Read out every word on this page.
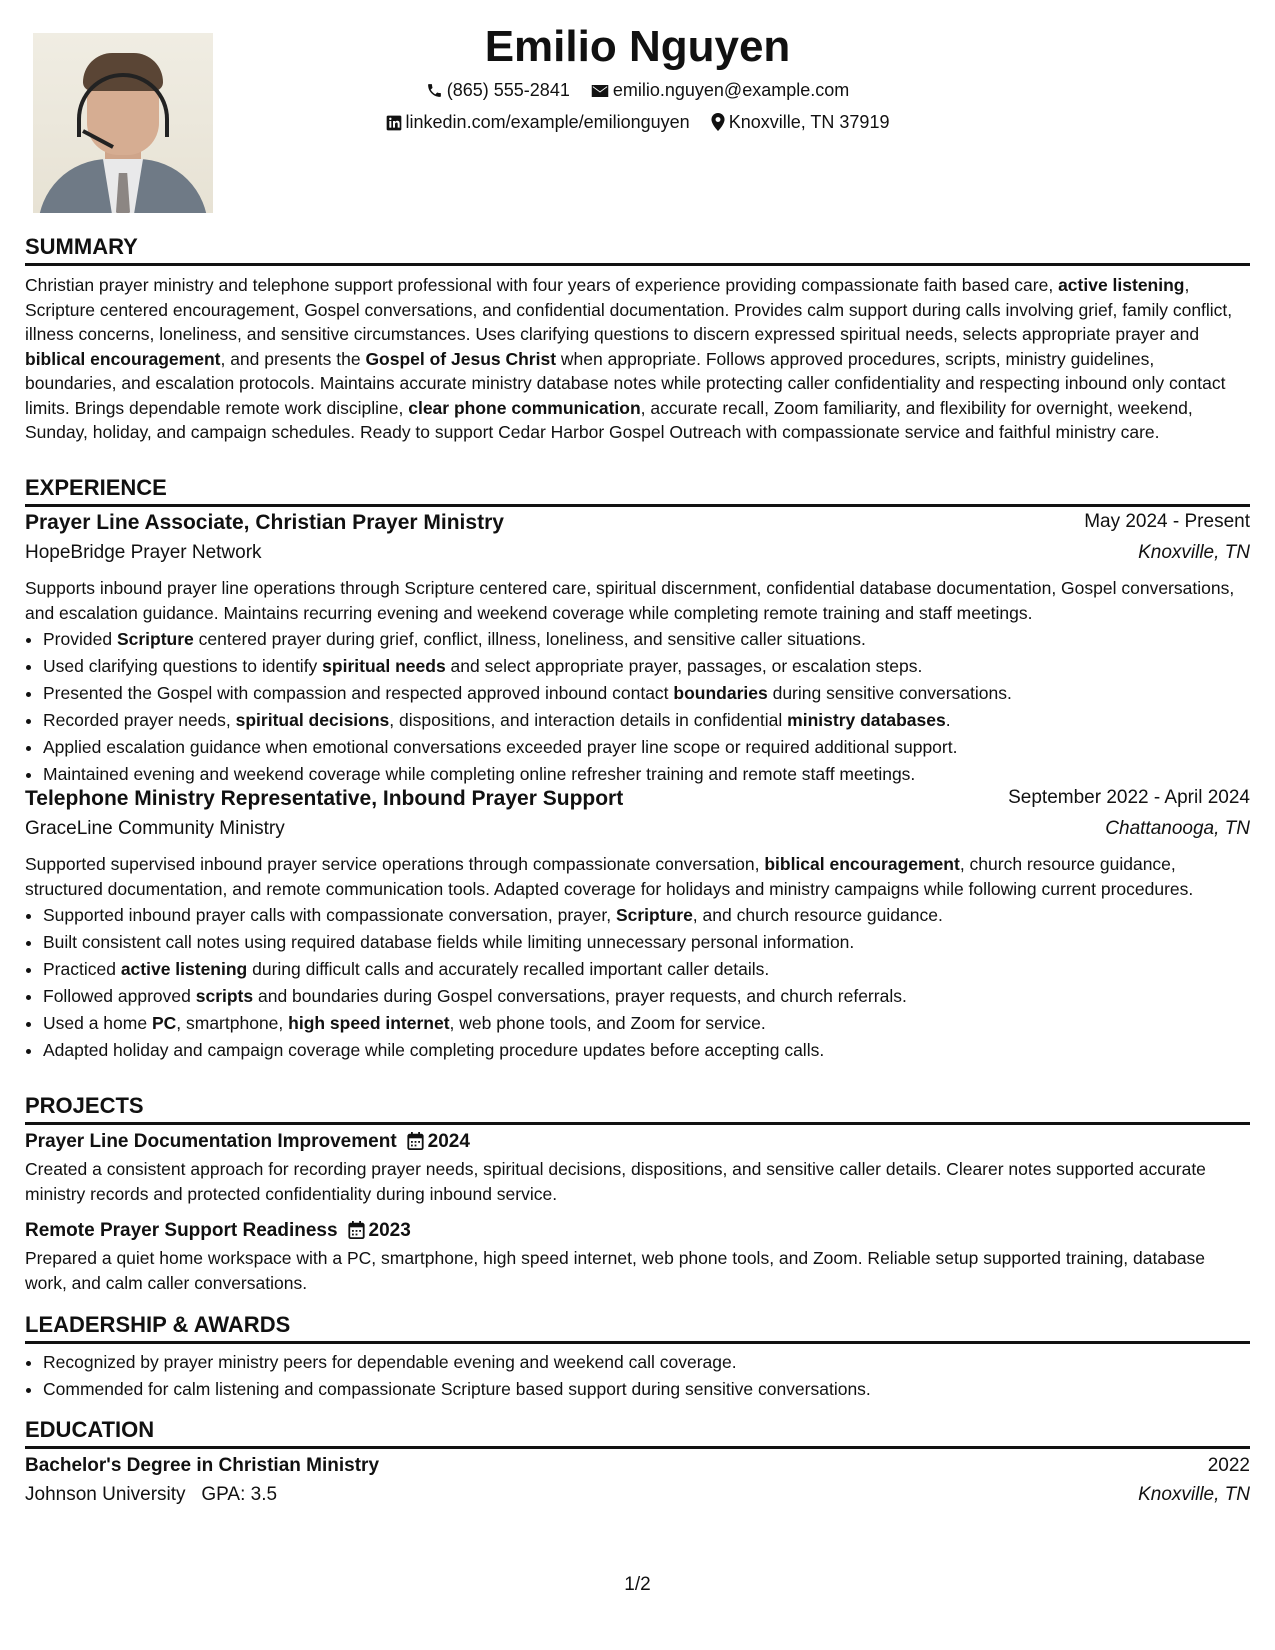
Emilio Nguyen
(865) 555-2841 emilio.nguyen@example.com
linkedin.com/example/emilionguyen Knoxville, TN 37919
SUMMARY

Christian prayer ministry and telephone support professional with four years of experience providing compassionate faith based care, active listening, Scripture centered encouragement, Gospel conversations, and confidential documentation. Provides calm support during calls involving grief, family conflict, illness concerns, loneliness, and sensitive circumstances. Uses clarifying questions to discern expressed spiritual needs, selects appropriate prayer and biblical encouragement, and presents the Gospel of Jesus Christ when appropriate. Follows approved procedures, scripts, ministry guidelines, boundaries, and escalation protocols. Maintains accurate ministry database notes while protecting caller confidentiality and respecting inbound only contact limits. Brings dependable remote work discipline, clear phone communication, accurate recall, Zoom familiarity, and flexibility for overnight, weekend, Sunday, holiday, and campaign schedules. Ready to support Cedar Harbor Gospel Outreach with compassionate service and faithful ministry care.

EXPERIENCE
Prayer Line Associate, Christian Prayer Ministry	May 2024 - Present
HopeBridge Prayer Network	Knoxville, TN

Supports inbound prayer line operations through Scripture centered care, spiritual discernment, confidential database documentation, Gospel conversations, and escalation guidance. Maintains recurring evening and weekend coverage while completing remote training and staff meetings.

• Provided Scripture centered prayer during grief, conflict, illness, loneliness, and sensitive caller situations.
• Used clarifying questions to identify spiritual needs and select appropriate prayer, passages, or escalation steps.
• Presented the Gospel with compassion and respected approved inbound contact boundaries during sensitive conversations.
• Recorded prayer needs, spiritual decisions, dispositions, and interaction details in confidential ministry databases.
• Applied escalation guidance when emotional conversations exceeded prayer line scope or required additional support.
• Maintained evening and weekend coverage while completing online refresher training and remote staff meetings.
Telephone Ministry Representative, Inbound Prayer Support	September 2022 - April 2024
GraceLine Community Ministry	Chattanooga, TN

Supported supervised inbound prayer service operations through compassionate conversation, biblical encouragement, church resource guidance, structured documentation, and remote communication tools. Adapted coverage for holidays and ministry campaigns while following current procedures.

• Supported inbound prayer calls with compassionate conversation, prayer, Scripture, and church resource guidance.
• Built consistent call notes using required database fields while limiting unnecessary personal information.
• Practiced active listening during difficult calls and accurately recalled important caller details.
• Followed approved scripts and boundaries during Gospel conversations, prayer requests, and church referrals.
• Used a home PC, smartphone, high speed internet, web phone tools, and Zoom for service.
• Adapted holiday and campaign coverage while completing procedure updates before accepting calls.
PROJECTS
Prayer Line Documentation Improvement 2024

Created a consistent approach for recording prayer needs, spiritual decisions, dispositions, and sensitive caller details. Clearer notes supported accurate ministry records and protected confidentiality during inbound service.

Remote Prayer Support Readiness 2023

Prepared a quiet home workspace with a PC, smartphone, high speed internet, web phone tools, and Zoom. Reliable setup supported training, database work, and calm caller conversations.

LEADERSHIP & AWARDS
• Recognized by prayer ministry peers for dependable evening and weekend call coverage.
• Commended for calm listening and compassionate Scripture based support during sensitive conversations.
EDUCATION
Bachelor's Degree in Christian Ministry	2022
Johnson University GPA: 3.5	Knoxville, TN
1/2
